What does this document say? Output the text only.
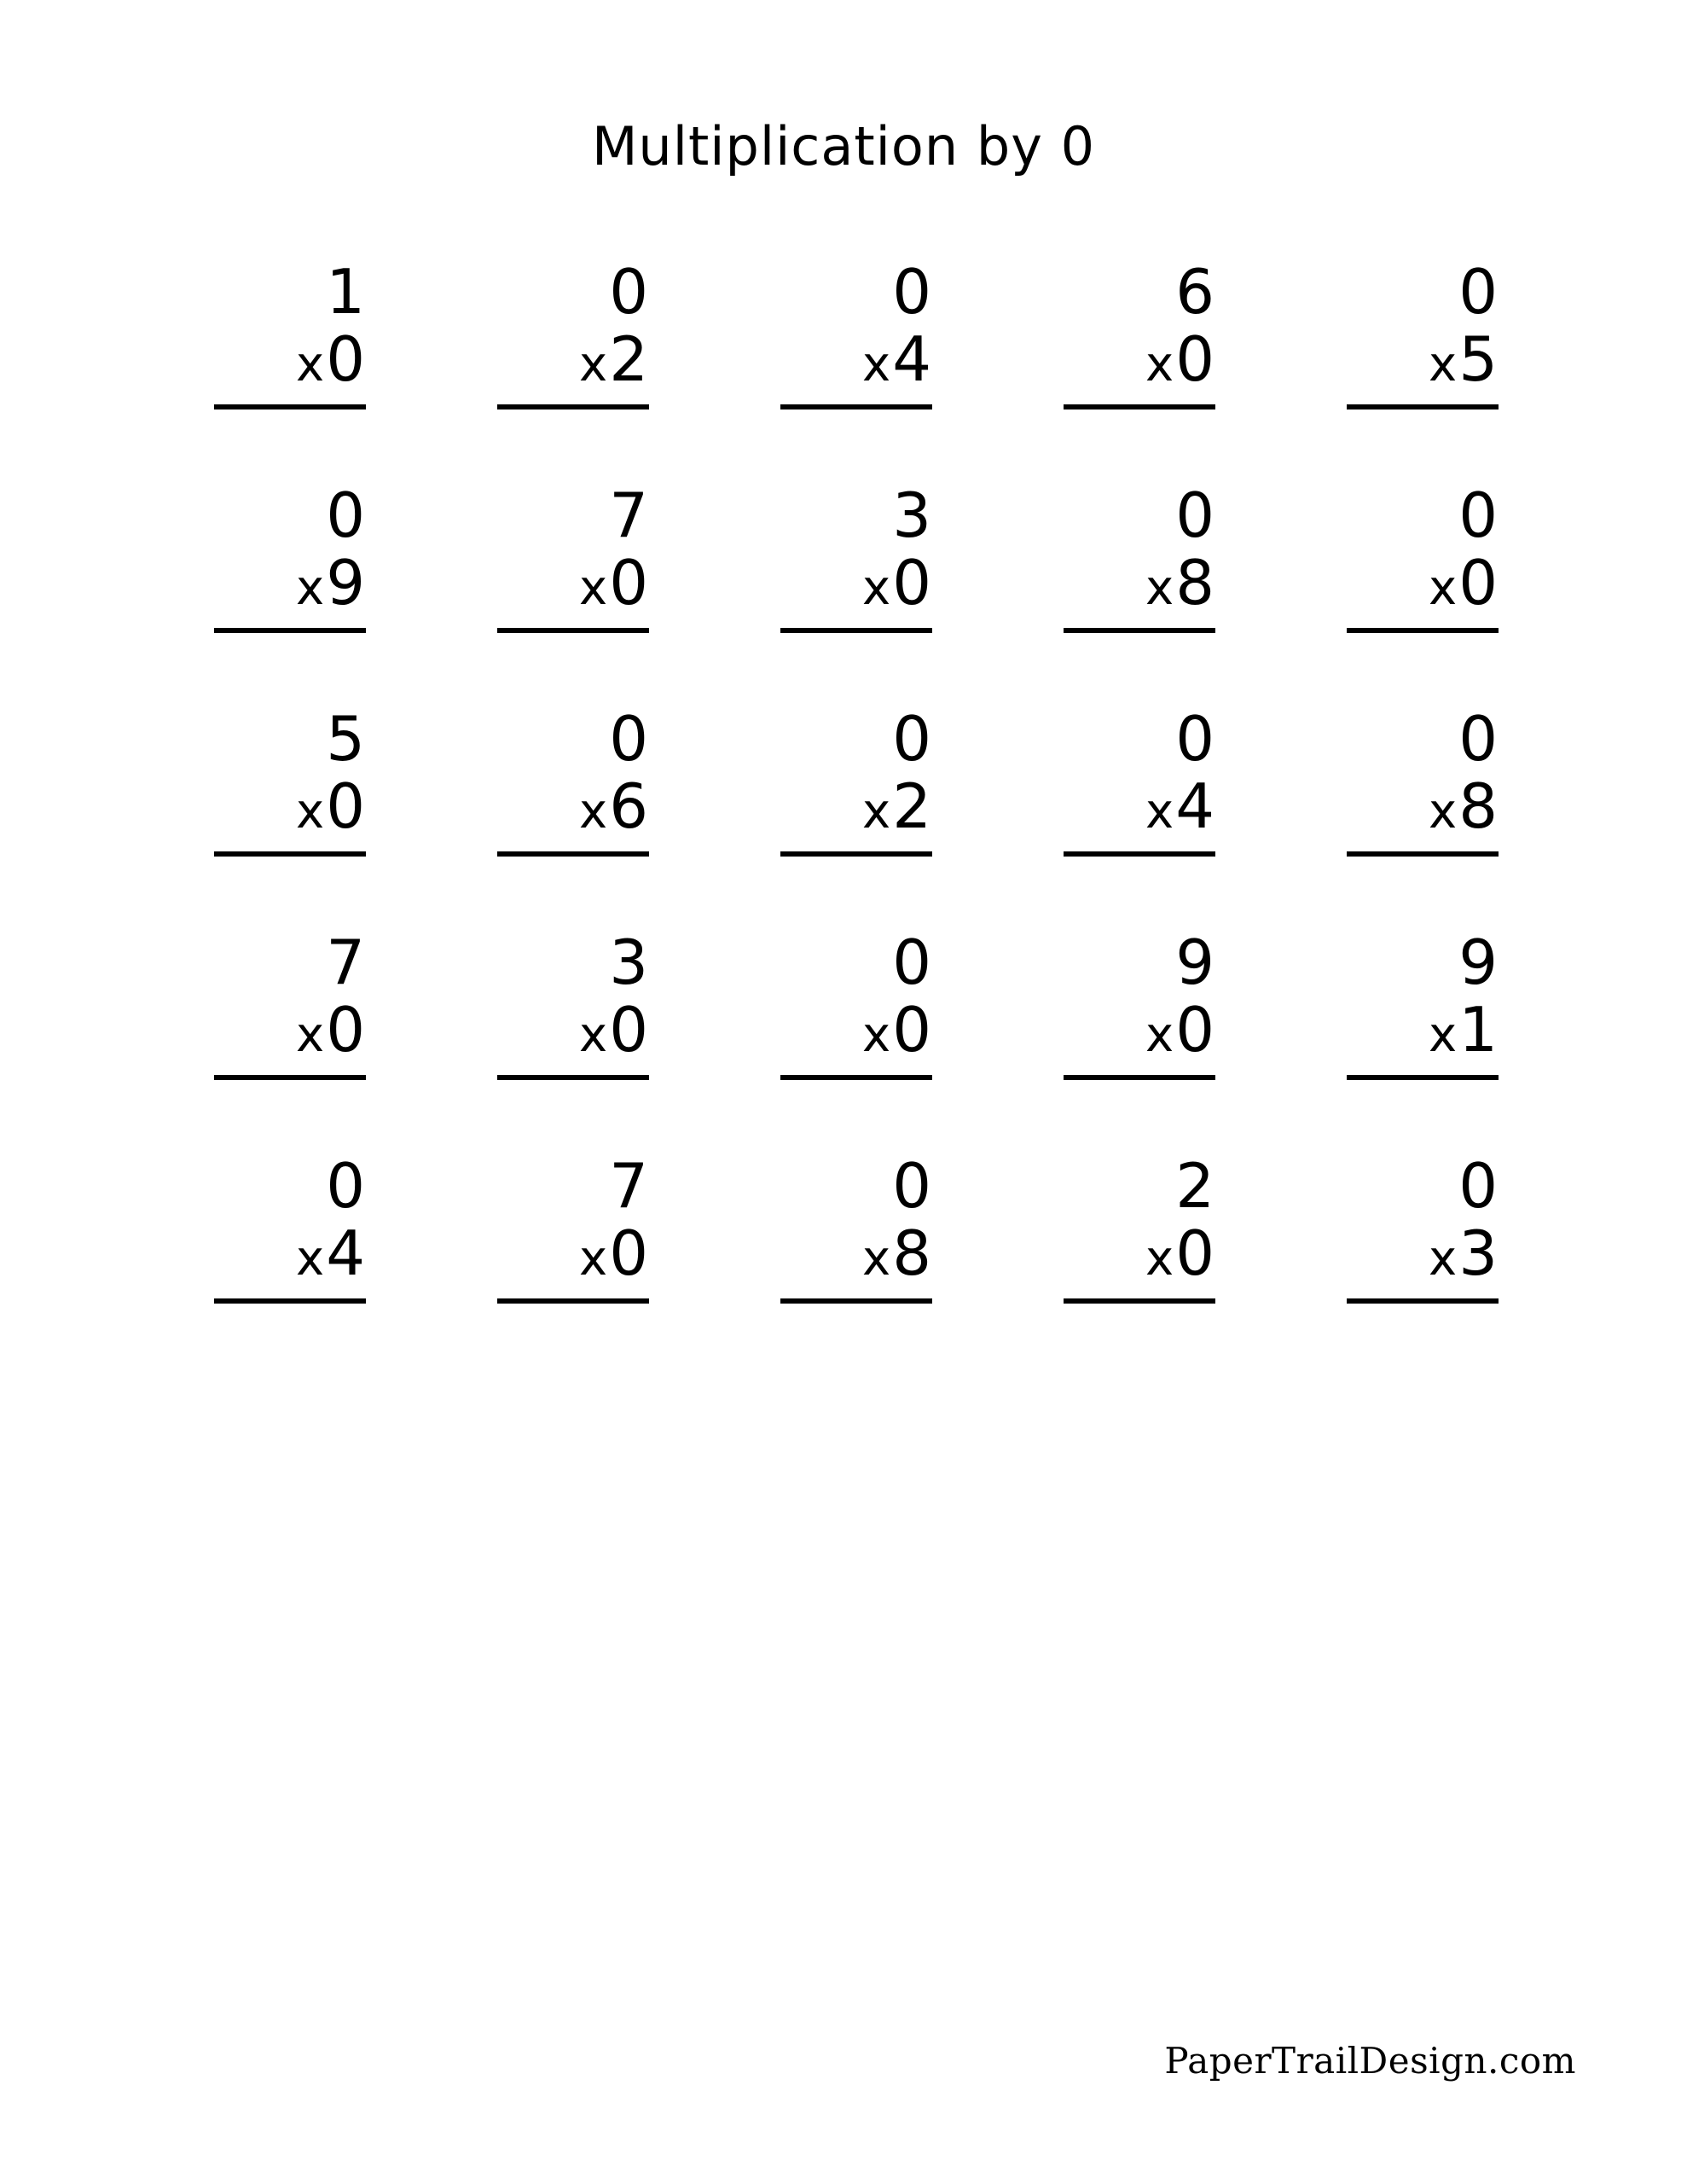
Multiplication by 0
1
x0
0
x2
0
x4
6
x0
0
x5
0
x9
7
x0
3
x0
0
x8
0
x0
5
x0
0
x6
0
x2
0
x4
0
x8
7
x0
3
x0
0
x0
9
x0
9
x1
0
x4
7
x0
0
x8
2
x0
0
x3
PaperTrailDesign.com
